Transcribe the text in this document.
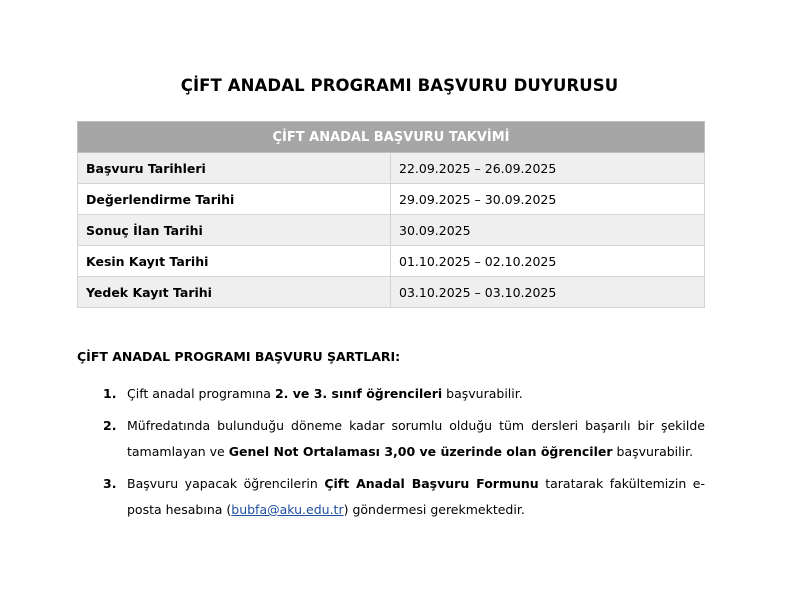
ÇİFT ANADAL PROGRAMI BAŞVURU DUYURUSU
ÇİFT ANADAL BAŞVURU TAKVİMİ	
Başvuru Tarihleri	22.09.2025 – 26.09.2025
Değerlendirme Tarihi	29.09.2025 – 30.09.2025
Sonuç İlan Tarihi	30.09.2025
Kesin Kayıt Tarihi	01.10.2025 – 02.10.2025
Yedek Kayıt Tarihi	03.10.2025 – 03.10.2025
ÇİFT ANADAL PROGRAMI BAŞVURU ŞARTLARI:
1. Çift anadal programına 2. ve 3. sınıf öğrencileri başvurabilir.
2. Müfredatında bulunduğu döneme kadar sorumlu olduğu tüm dersleri başarılı bir şekilde tamamlayan ve Genel Not Ortalaması 3,00 ve üzerinde olan öğrenciler başvurabilir.
3. Başvuru yapacak öğrencilerin Çift Anadal Başvuru Formunu taratarak fakültemizin e-posta hesabına (bubfa@aku.edu.tr) göndermesi gerekmektedir.
